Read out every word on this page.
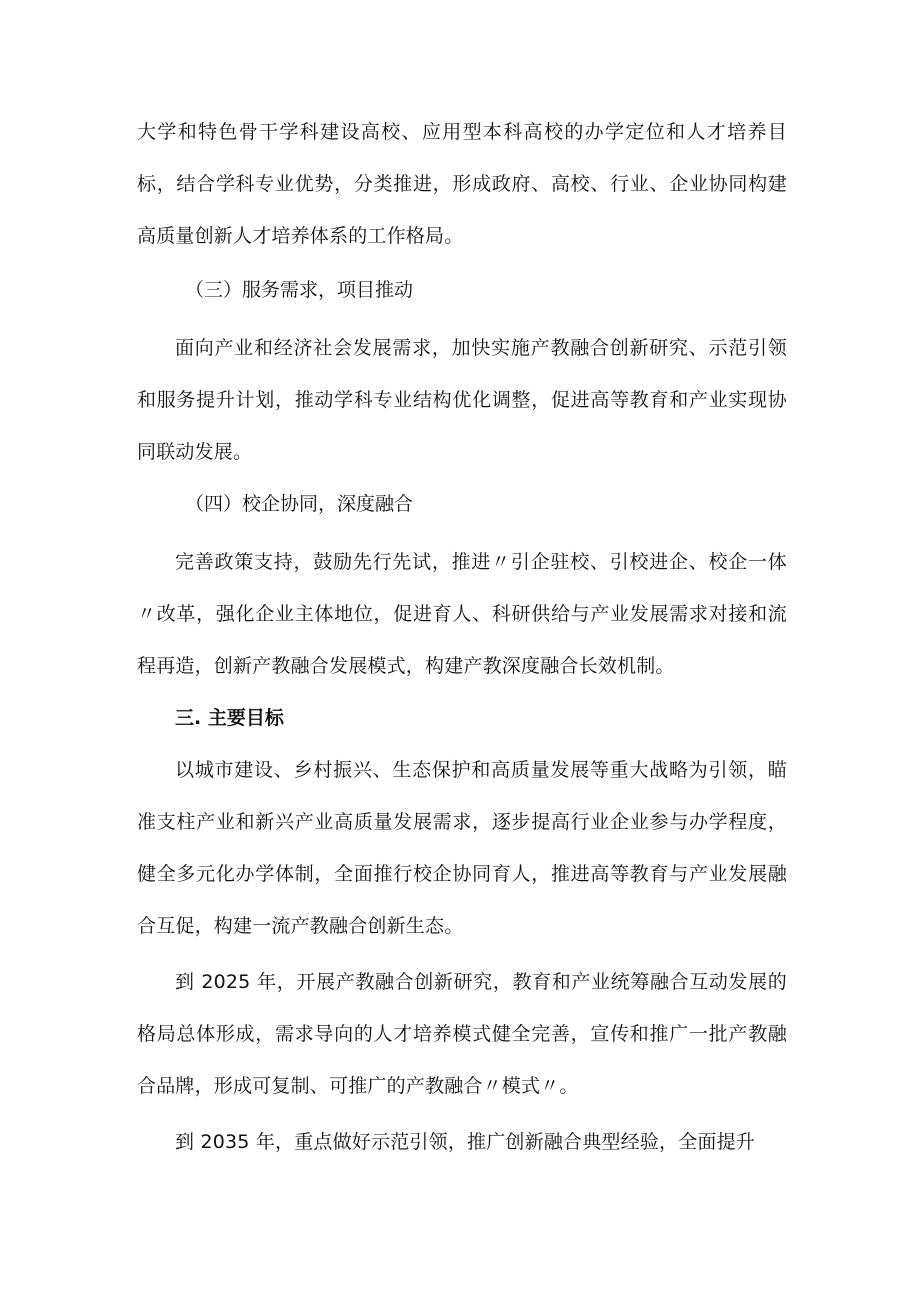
大学和特色骨干学科建设高校、应用型本科高校的办学定位和人才培养目标，结合学科专业优势，分类推进，形成政府、高校、行业、企业协同构建高质量创新人才培养体系的工作格局。

（三）服务需求，项目推动

面向产业和经济社会发展需求，加快实施产教融合创新研究、示范引领和服务提升计划，推动学科专业结构优化调整，促进高等教育和产业实现协同联动发展。

（四）校企协同，深度融合

完善政策支持，鼓励先行先试，推进〃引企驻校、引校进企、校企一体〃改革，强化企业主体地位，促进育人、科研供给与产业发展需求对接和流程再造，创新产教融合发展模式，构建产教深度融合长效机制。

三. 主要目标

以城市建设、乡村振兴、生态保护和高质量发展等重大战略为引领，瞄准支柱产业和新兴产业高质量发展需求，逐步提高行业企业参与办学程度，健全多元化办学体制，全面推行校企协同育人，推进高等教育与产业发展融合互促，构建一流产教融合创新生态。

到 2025 年，开展产教融合创新研究，教育和产业统筹融合互动发展的格局总体形成，需求导向的人才培养模式健全完善，宣传和推广一批产教融合品牌，形成可复制、可推广的产教融合〃模式〃。

到 2035 年，重点做好示范引领，推广创新融合典型经验，全面提升
